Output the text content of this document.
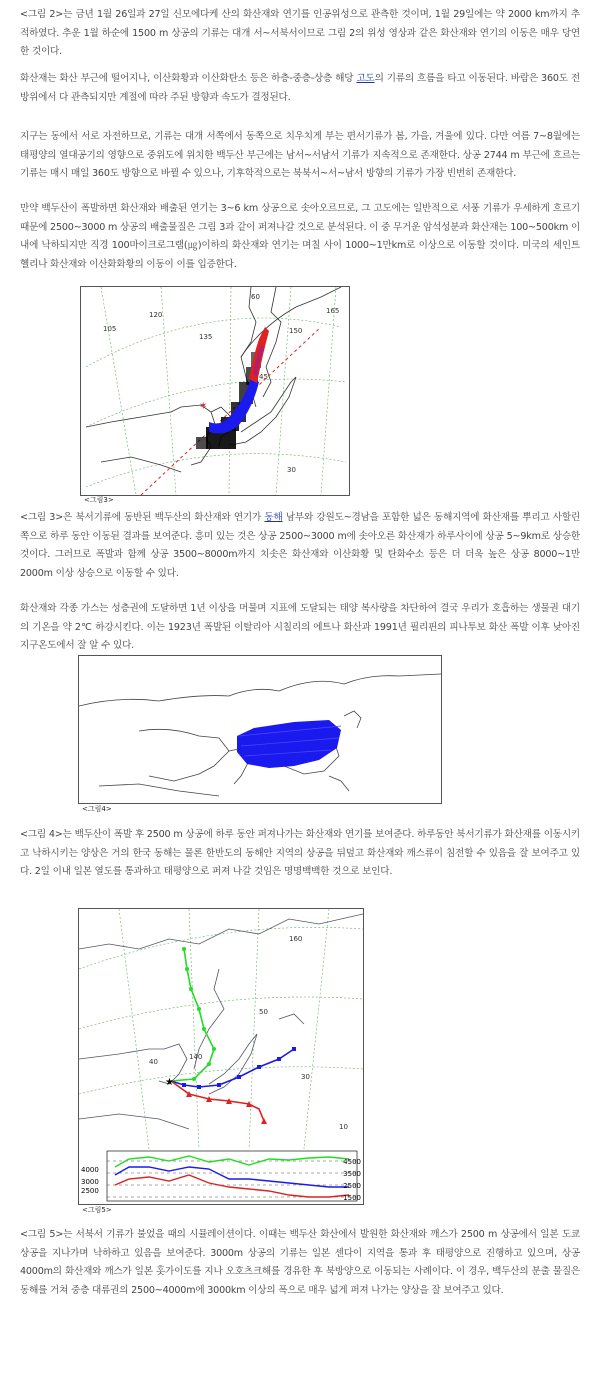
<그림 2>는 금년 1월 26일과 27일 신모에다케 산의 화산재와 연기를 인공위성으로 관측한 것이며, 1월 29일에는 약 2000 km까지 추적하였다. 추운 1월 하순에 1500 m 상공의 기류는 대개 서~서북서이므로 그림 2의 위성 영상과 같은 화산재와 연기의 이동은 매우 당연한 것이다.
화산재는 화산 부근에 떨어지나, 이산화황과 이산화탄소 등은 하층-중층-상층 해당 고도의 기류의 흐름을 타고 이동된다. 바람은 360도 전방위에서 다 관측되지만 계절에 따라 주된 방향과 속도가 결정된다.
지구는 동에서 서로 자전하므로, 기류는 대개 서쪽에서 동쪽으로 치우치게 부는 편서기류가 봄, 가을, 겨울에 있다. 다만 여름 7~8월에는 태평양의 열대공기의 영향으로 중위도에 위치한 백두산 부근에는 남서~서남서 기류가 지속적으로 존재한다. 상공 2744 m 부근에 흐르는 기류는 매시 매일 360도 방향으로 바뀔 수 있으나, 기후학적으로는 북북서~서~남서 방향의 기류가 가장 빈번히 존재한다.
만약 백두산이 폭발하면 화산재와 배출된 연기는 3~6 km 상공으로 솟아오르므로, 그 고도에는 일반적으로 서풍 기류가 우세하게 흐르기 때문에 2500~3000 m 상공의 배출물질은 그림 3과 같이 퍼져나갈 것으로 분석된다. 이 중 무거운 암석성분과 화산재는 100~500km 이내에 낙하되지만 직경 100마이크로그램(㎍)이하의 화산재와 연기는 며칠 사이 1000~1만km로 이상으로 이동할 것이다. 미국의 세인트헬리나 화산재와 이산화화황의 이동이 이를 입증한다.
✶
105
120
135
150
165
60
45
30
<그림3>
<그림 3>은 북서기류에 동반된 백두산의 화산재와 연기가 동해 남부와 강원도~경남을 포함한 넓은 동해지역에 화산재를 뿌리고 사할린 쪽으로 하루 동안 이동된 결과를 보여준다. 흥미 있는 것은 상공 2500~3000 m에 솟아오른 화산재가 하루사이에 상공 5~9km로 상승한 것이다. 그러므로 폭발과 함께 상공 3500~8000m까지 치솟은 화산재와 이산화황 및 탄화수소 등은 더 더욱 높은 상공 8000~1만 2000m 이상 상승으로 이동할 수 있다.
화산재와 각종 가스는 성층권에 도달하면 1년 이상을 머물며 지표에 도달되는 태양 복사량을 차단하여 결국 우리가 호흡하는 생물권 대기의 기온을 약 2℃ 하강시킨다. 이는 1923년 폭발된 이탈리아 시칠리의 에트나 화산과 1991년 필리핀의 피나투보 화산 폭발 이후 낮아진 지구온도에서 잘 알 수 있다.
<그림4>
<그림 4>는 백두산이 폭발 후 2500 m 상공에 하루 동안 퍼져나가는 화산재와 연기를 보여준다. 하루동안 북서기류가 화산재를 이동시키고 낙하시키는 양상은 거의 한국 동해는 물론 한반도의 동해안 지역의 상공을 뒤덮고 화산재와 깨스류이 침전할 수 있음을 잘 보여주고 있다. 2일 이내 일본 열도를 통과하고 태평양으로 퍼져 나갈 것임은 명명백백한 것으로 보인다.
★
160
50
140
40
30
10
4000
3000
2500
4500
3500
2500
1500
<그림5>
<그림 5>는 서북서 기류가 불었을 때의 시뮬레이션이다. 이때는 백두산 화산에서 발원한 화산재와 깨스가 2500 m 상공에서 일본 도쿄 상공을 지나가며 낙하하고 있음을 보여준다. 3000m 상공의 기류는 일본 센다이 지역을 통과 후 태평양으로 진행하고 있으며, 상공 4000m의 화산재와 깨스가 일본 홋가이도를 지나 오호츠크해를 경유한 후 북방양으로 이동되는 사례이다. 이 경우, 백두산의 분출 물질은 동해를 거쳐 중층 대류권의 2500~4000m에 3000km 이상의 폭으로 매우 넓게 퍼져 나가는 양상을 잘 보여주고 있다.
